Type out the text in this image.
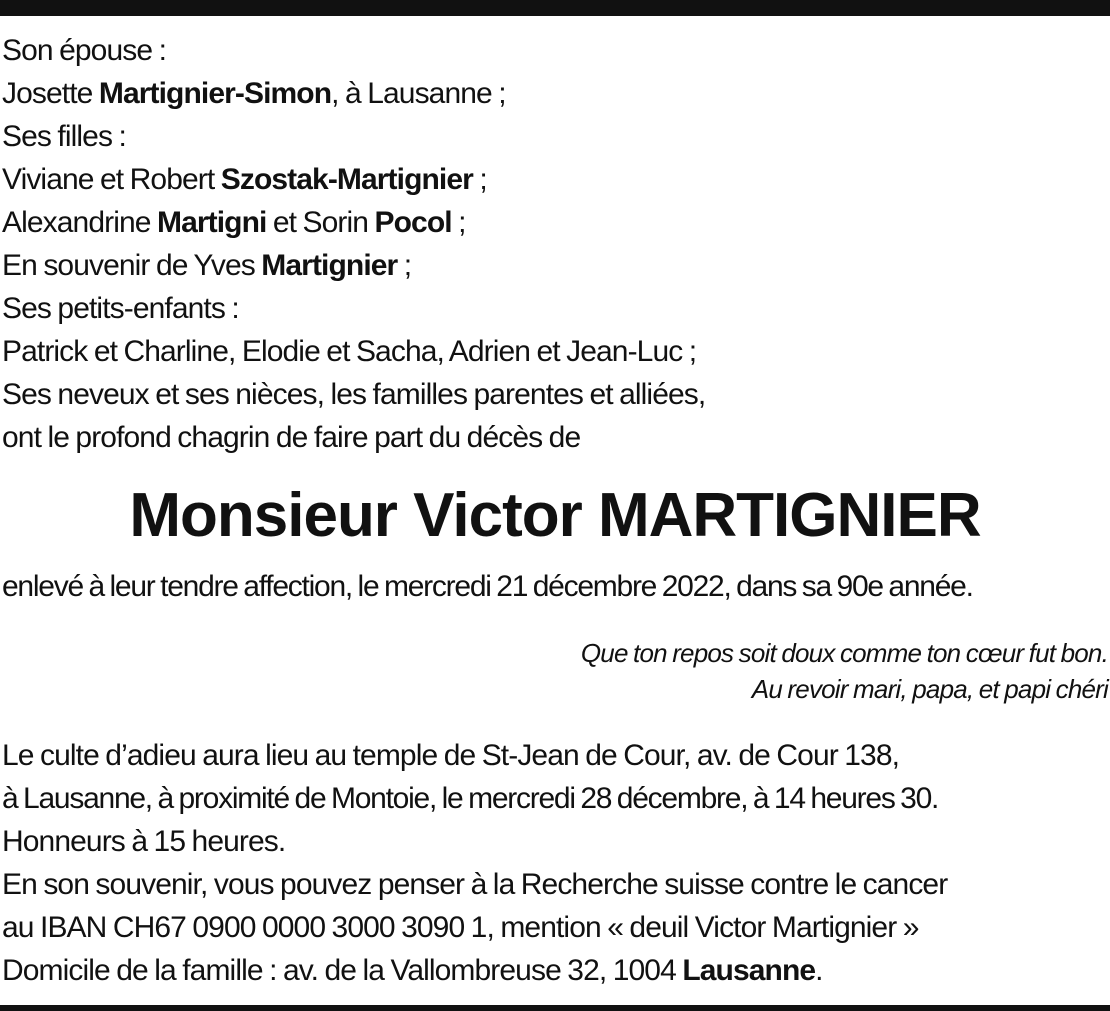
Son épouse :
Josette Martignier-Simon, à Lausanne ;
Ses filles :
Viviane et Robert Szostak-Martignier ;
Alexandrine Martigni et Sorin Pocol ;
En souvenir de Yves Martignier ;
Ses petits-enfants :
Patrick et Charline, Elodie et Sacha, Adrien et Jean-Luc ;
Ses neveux et ses nièces, les familles parentes et alliées,
ont le profond chagrin de faire part du décès de
Monsieur Victor MARTIGNIER
enlevé à leur tendre affection, le mercredi 21 décembre 2022, dans sa 90e année.
Que ton repos soit doux comme ton cœur fut bon.
Au revoir mari, papa, et papi chéri
Le culte d’adieu aura lieu au temple de St-Jean de Cour, av. de Cour 138,
à Lausanne, à proximité de Montoie, le mercredi 28 décembre, à 14 heures 30.
Honneurs à 15 heures.
En son souvenir, vous pouvez penser à la Recherche suisse contre le cancer
au IBAN CH67 0900 0000 3000 3090 1, mention « deuil Victor Martignier »
Domicile de la famille : av. de la Vallombreuse 32, 1004 Lausanne.
